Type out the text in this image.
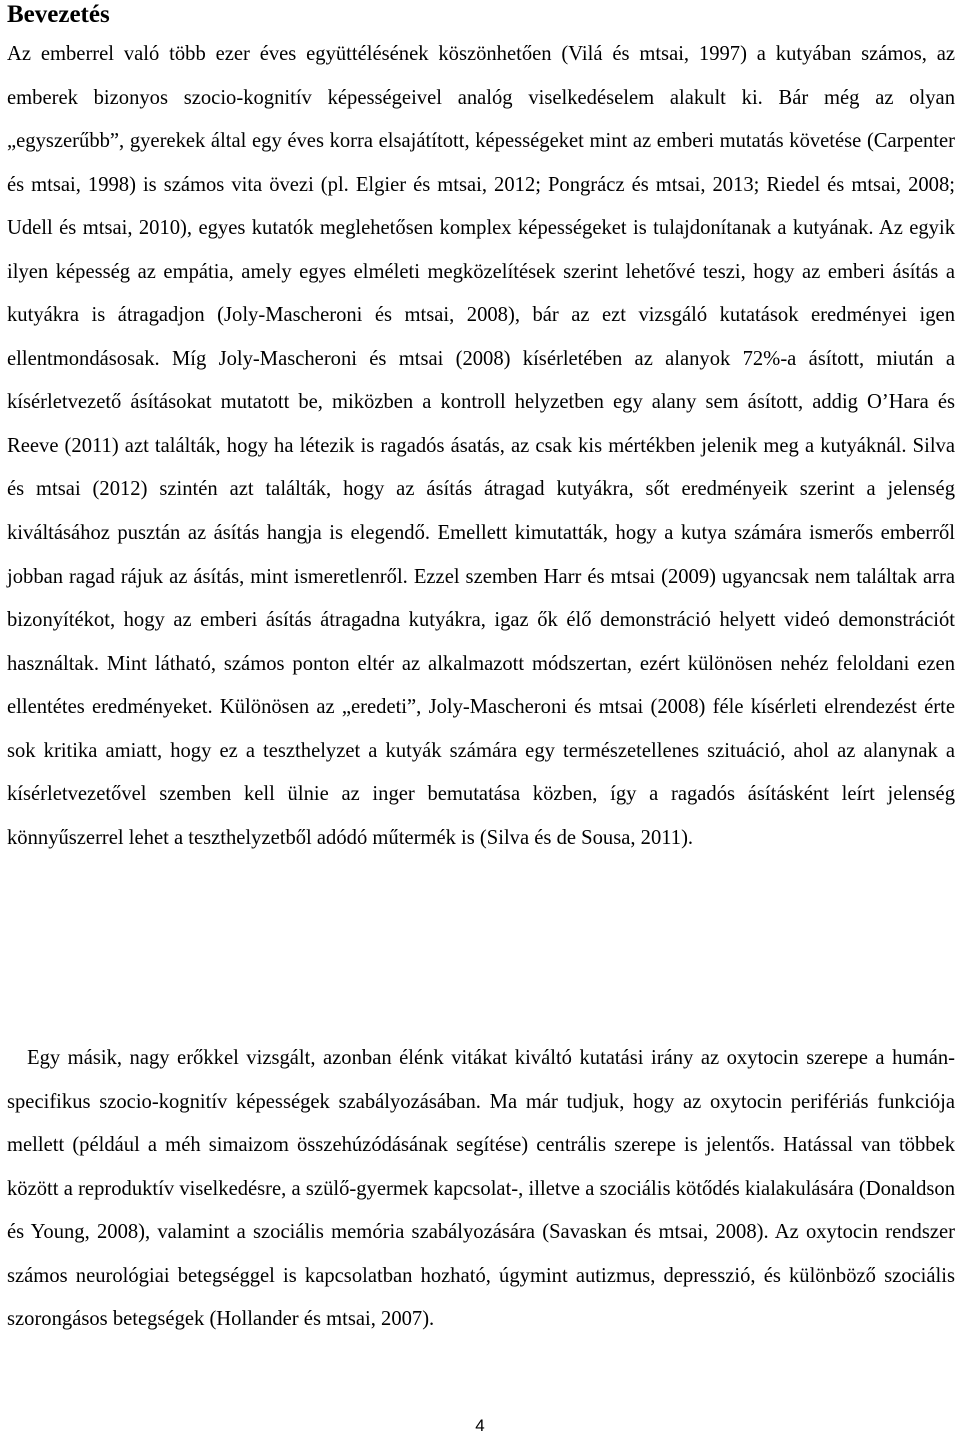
Bevezetés

Az emberrel való több ezer éves együttélésének köszönhetően (Vilá és mtsai, 1997) a kutyában számos, az emberek bizonyos szocio-kognitív képességeivel analóg viselkedéselem alakult ki. Bár még az olyan „egyszerűbb”, gyerekek által egy éves korra elsajátított, képességeket mint az emberi mutatás követése (Carpenter és mtsai, 1998) is számos vita övezi (pl. Elgier és mtsai, 2012; Pongrácz és mtsai, 2013; Riedel és mtsai, 2008; Udell és mtsai, 2010), egyes kutatók meglehetősen komplex képességeket is tulajdonítanak a kutyának. Az egyik ilyen képesség az empátia, amely egyes elméleti megközelítések szerint lehetővé teszi, hogy az emberi ásítás a kutyákra is átragadjon (Joly-Mascheroni és mtsai, 2008), bár az ezt vizsgáló kutatások eredményei igen ellentmondásosak. Míg Joly-Mascheroni és mtsai (2008) kísérletében az alanyok 72%-a ásított, miután a kísérletvezető ásításokat mutatott be, miközben a kontroll helyzetben egy alany sem ásított, addig O’Hara és Reeve (2011) azt találták, hogy ha létezik is ragadós ásatás, az csak kis mértékben jelenik meg a kutyáknál. Silva és mtsai (2012) szintén azt találták, hogy az ásítás átragad kutyákra, sőt eredményeik szerint a jelenség kiváltásához pusztán az ásítás hangja is elegendő. Emellett kimutatták, hogy a kutya számára ismerős emberről jobban ragad rájuk az ásítás, mint ismeretlenről. Ezzel szemben Harr és mtsai (2009) ugyancsak nem találtak arra bizonyítékot, hogy az emberi ásítás átragadna kutyákra, igaz ők élő demonstráció helyett videó demonstrációt használtak. Mint látható, számos ponton eltér az alkalmazott módszertan, ezért különösen nehéz feloldani ezen ellentétes eredményeket. Különösen az „eredeti”, Joly-Mascheroni és mtsai (2008) féle kísérleti elrendezést érte sok kritika amiatt, hogy ez a teszthelyzet a kutyák számára egy természetellenes szituáció, ahol az alanynak a kísérletvezetővel szemben kell ülnie az inger bemutatása közben, így a ragadós ásításként leírt jelenség könnyűszerrel lehet a teszthelyzetből adódó műtermék is (Silva és de Sousa, 2011).

Egy másik, nagy erőkkel vizsgált, azonban élénk vitákat kiváltó kutatási irány az oxytocin szerepe a humán-specifikus szocio-kognitív képességek szabályozásában. Ma már tudjuk, hogy az oxytocin perifériás funkciója mellett (például a méh simaizom összehúzódásának segítése) centrális szerepe is jelentős. Hatással van többek között a reproduktív viselkedésre, a szülő-gyermek kapcsolat-, illetve a szociális kötődés kialakulására (Donaldson és Young, 2008), valamint a szociális memória szabályozására (Savaskan és mtsai, 2008). Az oxytocin rendszer számos neurológiai betegséggel is kapcsolatban hozható, úgymint autizmus, depresszió, és különböző szociális szorongásos betegségek (Hollander és mtsai, 2007).

4
